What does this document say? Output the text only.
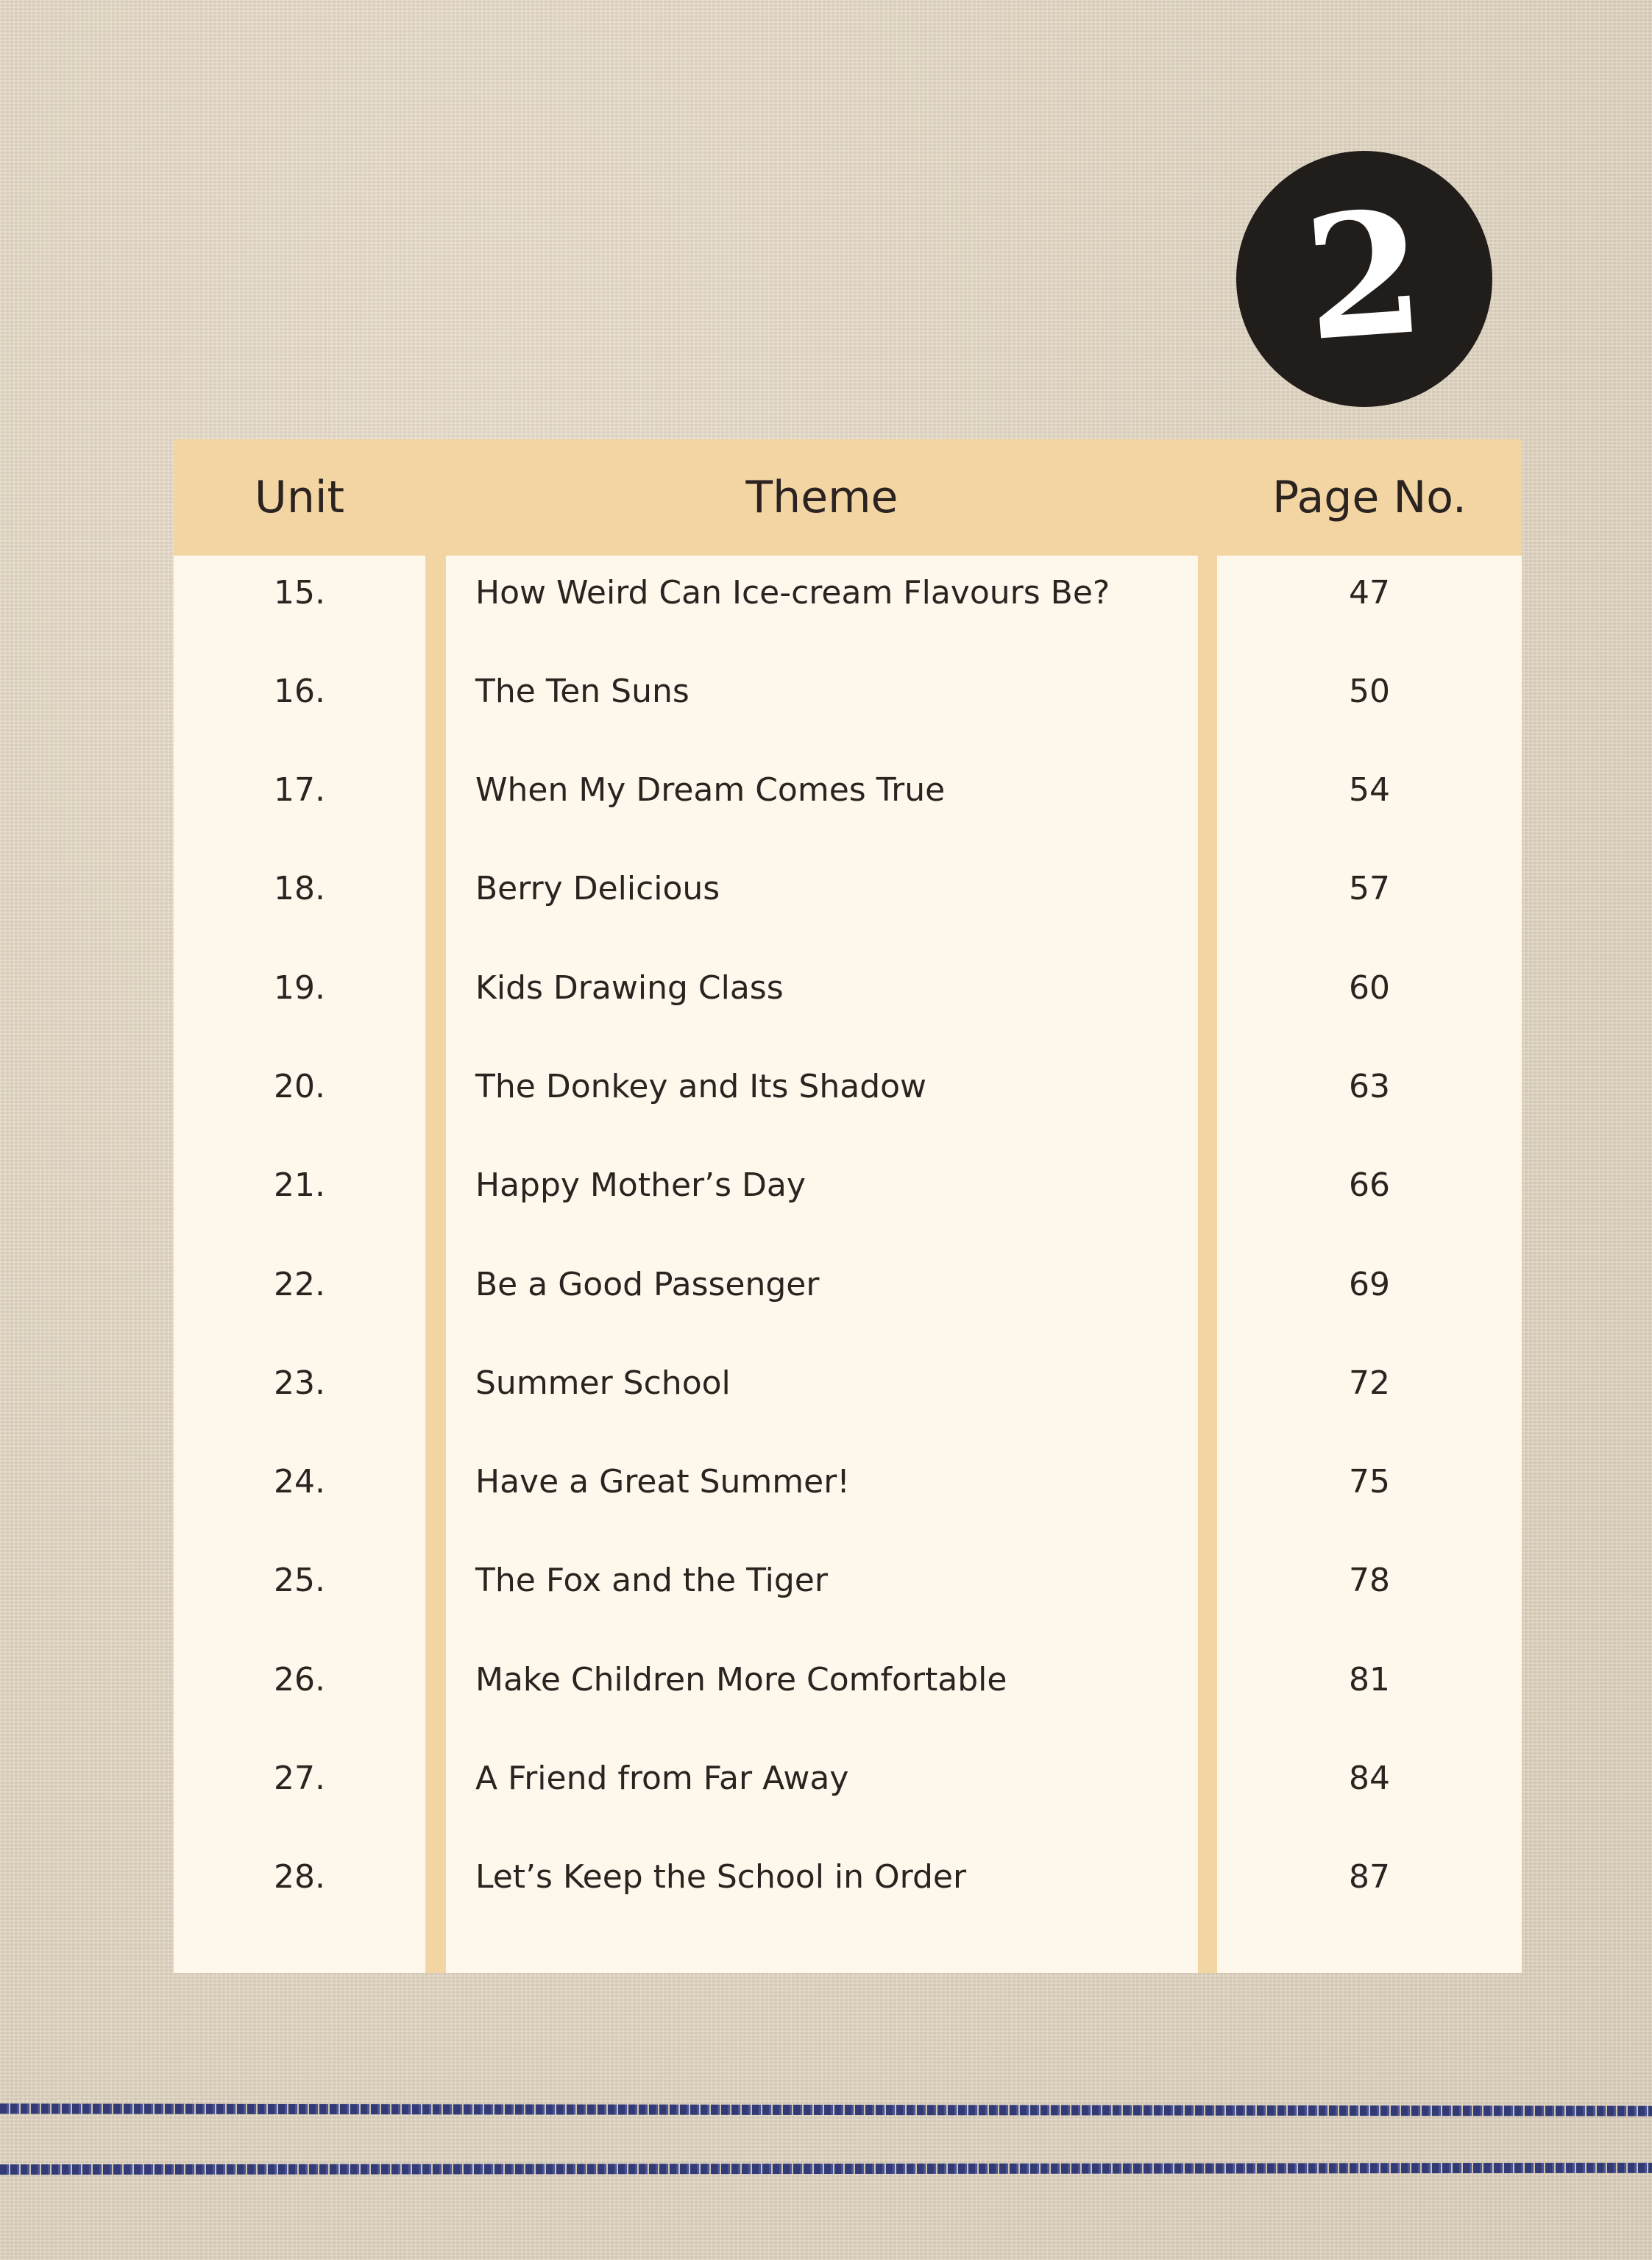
2
Unit	Theme	Page No.
15.	How Weird Can Ice-cream Flavours Be?	47
16.	The Ten Suns	50
17.	When My Dream Comes True	54
18.	Berry Delicious	57
19.	Kids Drawing Class	60
20.	The Donkey and Its Shadow	63
21.	Happy Mother’s Day	66
22.	Be a Good Passenger	69
23.	Summer School	72
24.	Have a Great Summer!	75
25.	The Fox and the Tiger	78
26.	Make Children More Comfortable	81
27.	A Friend from Far Away	84
28.	Let’s Keep the School in Order	87
